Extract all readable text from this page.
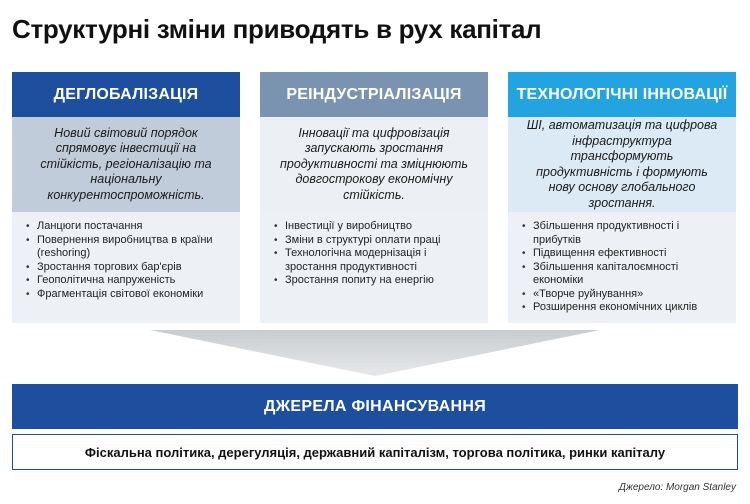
Структурні зміни приводять в рух капітал
ДЕГЛОБАЛІЗАЦІЯ
Новий світовий порядок спрямовує інвестиції на стійкість, регіоналізацію та національну конкурентоспроможність.
• Ланцюги постачання
• Повернення виробництва в країни (reshoring)
• Зростання торгових бар'єрів
• Геополітична напруженість
• Фрагментація світової економіки
РЕІНДУСТРІАЛІЗАЦІЯ
Інновації та цифровізація запускають зростання продуктивності та зміцнюють довгострокову економічну стійкість.
• Інвестиції у виробництво
• Зміни в структурі оплати праці
• Технологічна модернізація і зростання продуктивності
• Зростання попиту на енергію
ТЕХНОЛОГІЧНІ ІННОВАЦІЇ
ШІ, автоматизація та цифрова інфраструктура трансформують продуктивність і формують нову основу глобального зростання.
• Збільшення продуктивності і прибутків
• Підвищення ефективності
• Збільшення капіталоємності економіки
• «Творче руйнування»
• Розширення економічних циклів
ДЖЕРЕЛА ФІНАНСУВАННЯ
Фіскальна політика, дерегуляція, державний капіталізм, торгова політика, ринки капіталу
Джерело: Morgan Stanley
